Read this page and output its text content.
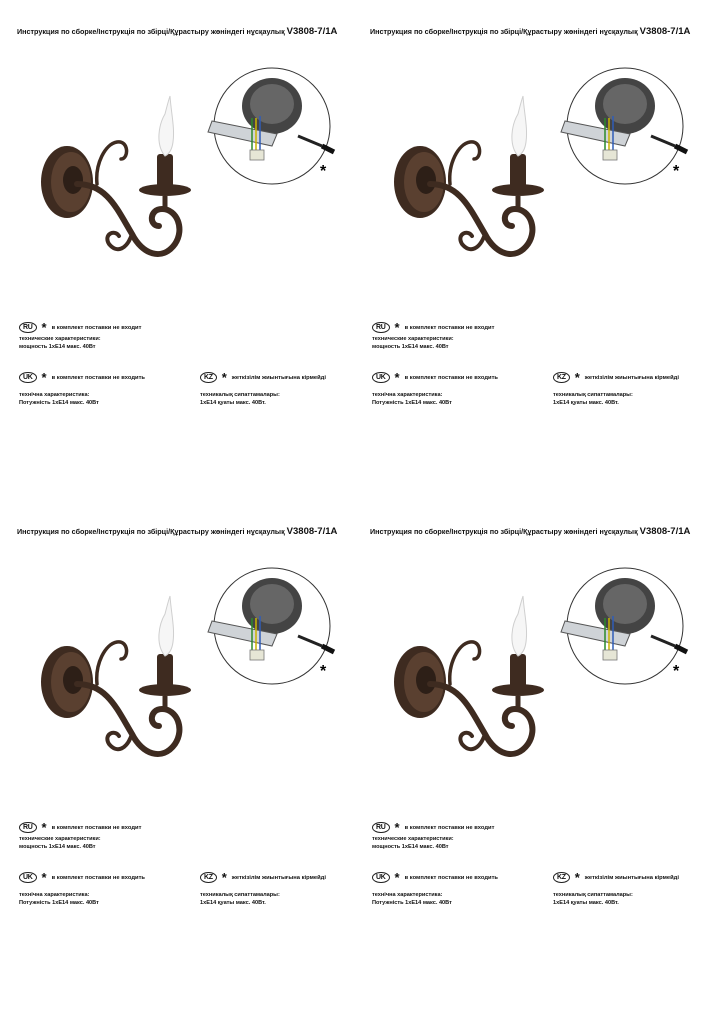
Инструкция по сборке/Інструкція по збірці/Құрастыру жөніндегі нұсқаулық V3808-7/1A
*
RU * в комплект поставки не входит
технические характеристики:
мощность 1хЕ14 макс. 40Вт
UK * в комплект поставки не входить
технічна характеристика:
Потужність 1хЕ14 макс. 40Вт
KZ * жеткізілім жиынтығына кірмейді
техникалық сипаттамалары:
1хЕ14 қуаты макс. 40Вт.
Инструкция по сборке/Інструкція по збірці/Құрастыру жөніндегі нұсқаулық V3808-7/1A
*
RU * в комплект поставки не входит
технические характеристики:
мощность 1хЕ14 макс. 40Вт
UK * в комплект поставки не входить
технічна характеристика:
Потужність 1хЕ14 макс. 40Вт
KZ * жеткізілім жиынтығына кірмейді
техникалық сипаттамалары:
1хЕ14 қуаты макс. 40Вт.
Инструкция по сборке/Інструкція по збірці/Құрастыру жөніндегі нұсқаулық V3808-7/1A
*
RU * в комплект поставки не входит
технические характеристики:
мощность 1хЕ14 макс. 40Вт
UK * в комплект поставки не входить
технічна характеристика:
Потужність 1хЕ14 макс. 40Вт
KZ * жеткізілім жиынтығына кірмейді
техникалық сипаттамалары:
1хЕ14 қуаты макс. 40Вт.
Инструкция по сборке/Інструкція по збірці/Құрастыру жөніндегі нұсқаулық V3808-7/1A
*
RU * в комплект поставки не входит
технические характеристики:
мощность 1хЕ14 макс. 40Вт
UK * в комплект поставки не входить
технічна характеристика:
Потужність 1хЕ14 макс. 40Вт
KZ * жеткізілім жиынтығына кірмейді
техникалық сипаттамалары:
1хЕ14 қуаты макс. 40Вт.
